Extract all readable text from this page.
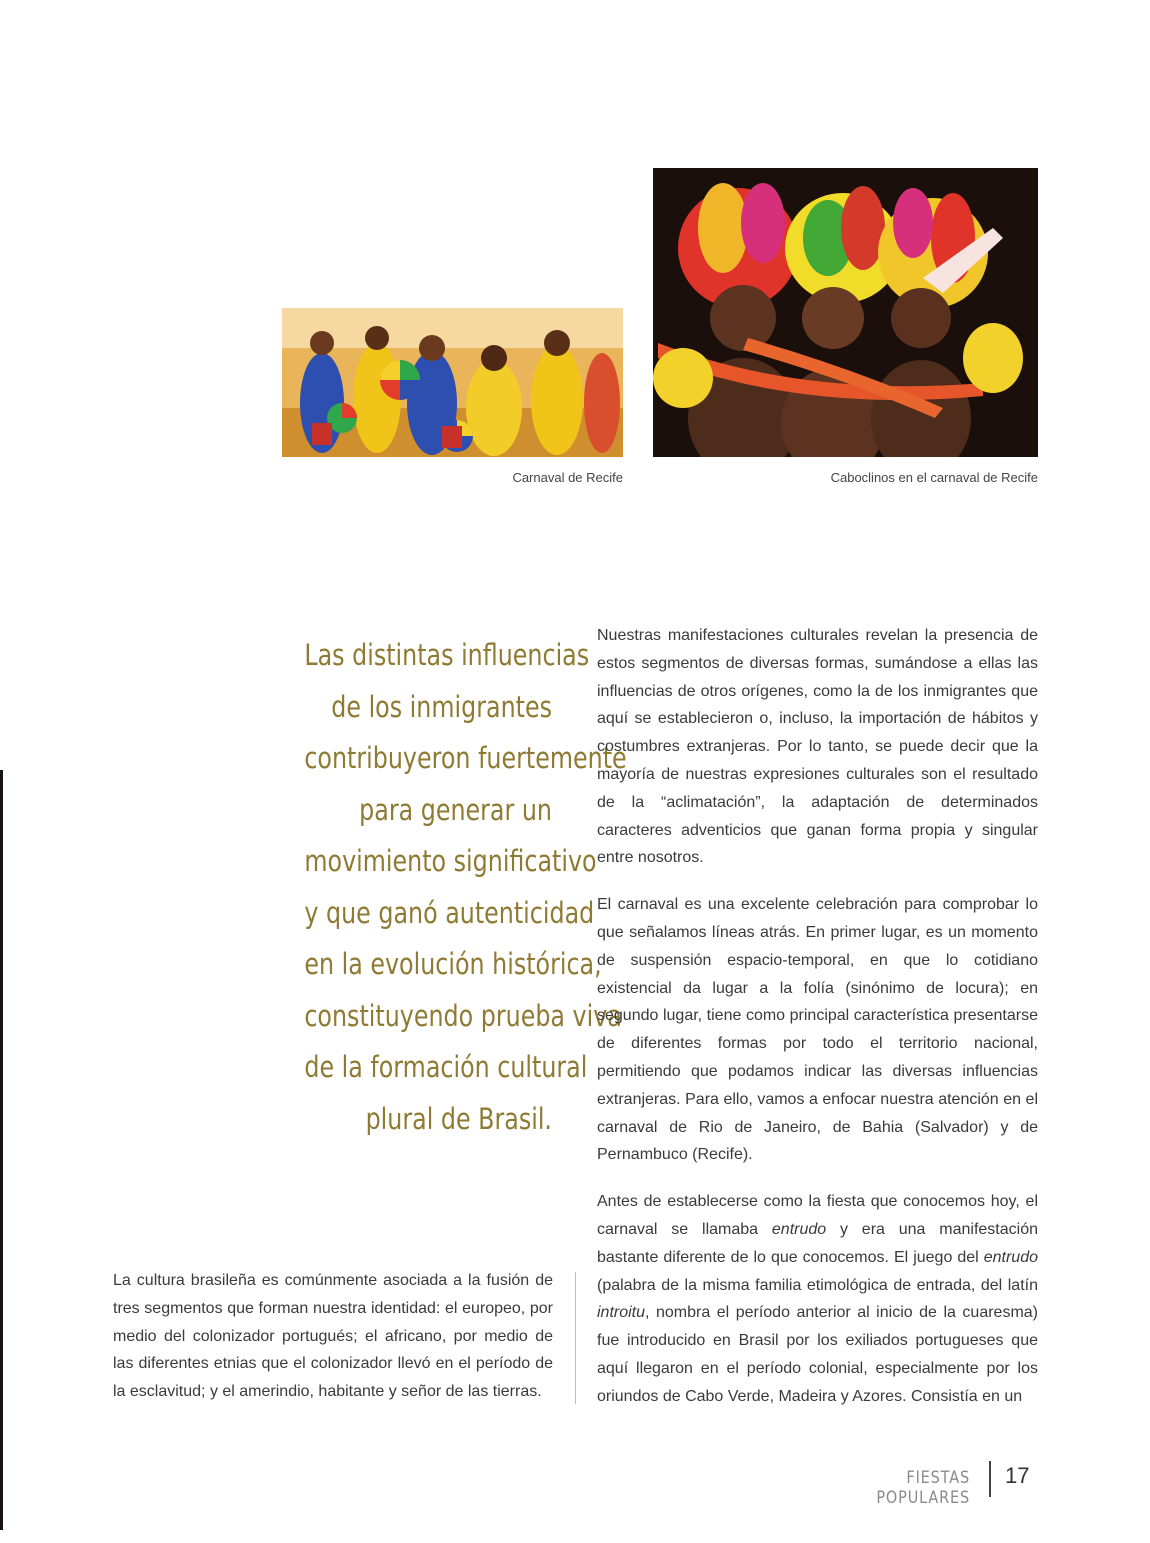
Carnaval de Recife	Caboclinos en el carnaval de Recife
Las distintas influencias
de los inmigrantes
contribuyeron fuertemente
para generar un
movimiento significativo
y que ganó autenticidad
en la evolución histórica,
constituyendo prueba viva
de la formación cultural
plural de Brasil.

Nuestras manifestaciones culturales revelan la presencia de estos segmentos de diversas formas, sumándose a ellas las influencias de otros orígenes, como la de los inmigrantes que aquí se establecieron o, incluso, la importación de hábitos y costumbres extranjeras. Por lo tanto, se puede decir que la mayoría de nuestras expresiones culturales son el resultado de la “aclimatación”, la adaptación de determinados caracteres adventicios que ganan forma propia y singular entre nosotros.

El carnaval es una excelente celebración para comprobar lo que señalamos líneas atrás. En primer lugar, es un momento de suspensión espacio-temporal, en que lo cotidiano existencial da lugar a la folía (sinónimo de locura); en segundo lugar, tiene como principal característica presentarse de diferentes formas por todo el territorio nacional, permitiendo que podamos indicar las diversas influencias extranjeras. Para ello, vamos a enfocar nuestra atención en el carnaval de Rio de Janeiro, de Bahia (Salvador) y de Pernambuco (Recife).

Antes de establecerse como la fiesta que conocemos hoy, el carnaval se llamaba entrudo y era una manifestación bastante diferente de lo que conocemos. El juego del entrudo (palabra de la misma familia etimológica de entrada, del latín introitu, nombra el período anterior al inicio de la cuaresma) fue introducido en Brasil por los exiliados portugueses que aquí llegaron en el período colonial, especialmente por los oriundos de Cabo Verde, Madeira y Azores. Consistía en un

La cultura brasileña es comúnmente asociada a la fusión de tres segmentos que forman nuestra identidad: el europeo, por medio del colonizador portugués; el africano, por medio de las diferentes etnias que el colonizador llevó en el período de la esclavitud; y el amerindio, habitante y señor de las tierras.

FIESTAS POPULARES
17
